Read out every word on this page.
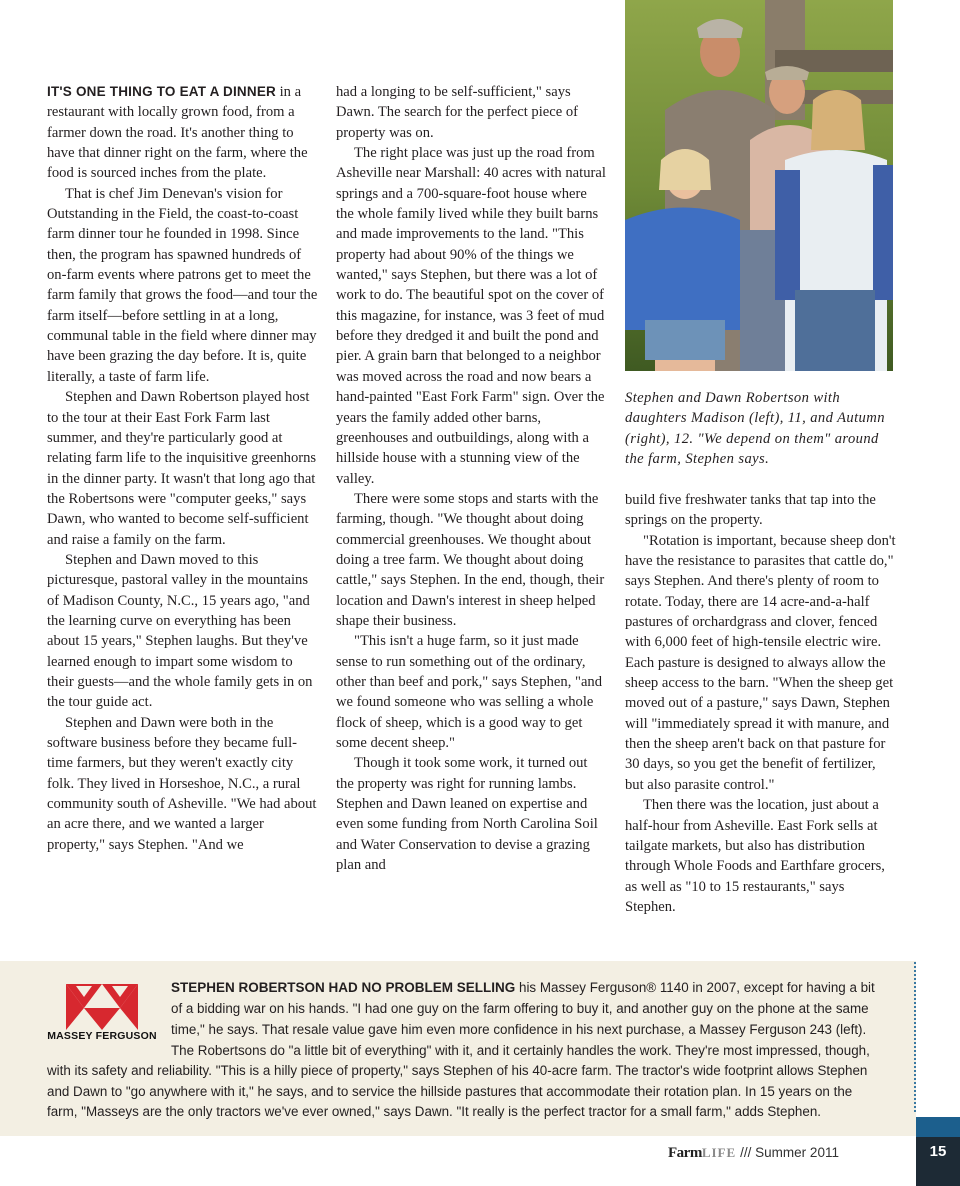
IT'S ONE THING TO EAT A DINNER in a restaurant with locally grown food, from a farmer down the road. It's another thing to have that dinner right on the farm, where the food is sourced inches from the plate.

That is chef Jim Denevan's vision for Outstanding in the Field, the coast-to-coast farm dinner tour he founded in 1998. Since then, the program has spawned hundreds of on-farm events where patrons get to meet the farm family that grows the food—and tour the farm itself—before settling in at a long, communal table in the field where dinner may have been grazing the day before. It is, quite literally, a taste of farm life.

Stephen and Dawn Robertson played host to the tour at their East Fork Farm last summer, and they're particularly good at relating farm life to the inquisitive greenhorns in the dinner party. It wasn't that long ago that the Robertsons were "computer geeks," says Dawn, who wanted to become self-sufficient and raise a family on the farm.

Stephen and Dawn moved to this picturesque, pastoral valley in the mountains of Madison County, N.C., 15 years ago, "and the learning curve on everything has been about 15 years," Stephen laughs. But they've learned enough to impart some wisdom to their guests—and the whole family gets in on the tour guide act.

Stephen and Dawn were both in the software business before they became full-time farmers, but they weren't exactly city folk. They lived in Horseshoe, N.C., a rural community south of Asheville. "We had about an acre there, and we wanted a larger property," says Stephen. "And we

had a longing to be self-sufficient," says Dawn. The search for the perfect piece of property was on.

The right place was just up the road from Asheville near Marshall: 40 acres with natural springs and a 700-square-foot house where the whole family lived while they built barns and made improvements to the land. "This property had about 90% of the things we wanted," says Stephen, but there was a lot of work to do. The beautiful spot on the cover of this magazine, for instance, was 3 feet of mud before they dredged it and built the pond and pier. A grain barn that belonged to a neighbor was moved across the road and now bears a hand-painted "East Fork Farm" sign. Over the years the family added other barns, greenhouses and outbuildings, along with a hillside house with a stunning view of the valley.

There were some stops and starts with the farming, though. "We thought about doing commercial greenhouses. We thought about doing a tree farm. We thought about doing cattle," says Stephen. In the end, though, their location and Dawn's interest in sheep helped shape their business.

"This isn't a huge farm, so it just made sense to run something out of the ordinary, other than beef and pork," says Stephen, "and we found someone who was selling a whole flock of sheep, which is a good way to get some decent sheep."

Though it took some work, it turned out the property was right for running lambs. Stephen and Dawn leaned on expertise and even some funding from North Carolina Soil and Water Conservation to devise a grazing plan and

Stephen and Dawn Robertson with daughters Madison (left), 11, and Autumn (right), 12. "We depend on them" around the farm, Stephen says.

build five freshwater tanks that tap into the springs on the property.

"Rotation is important, because sheep don't have the resistance to parasites that cattle do," says Stephen. And there's plenty of room to rotate. Today, there are 14 acre-and-a-half pastures of orchardgrass and clover, fenced with 6,000 feet of high-tensile electric wire. Each pasture is designed to always allow the sheep access to the barn. "When the sheep get moved out of a pasture," says Dawn, Stephen will "immediately spread it with manure, and then the sheep aren't back on that pasture for 30 days, so you get the benefit of fertilizer, but also parasite control."

Then there was the location, just about a half-hour from Asheville. East Fork sells at tailgate markets, but also has distribution through Whole Foods and Earthfare grocers, as well as "10 to 15 restaurants," says Stephen.

MASSEY FERGUSON
STEPHEN ROBERTSON HAD NO PROBLEM SELLING his Massey Ferguson® 1140 in 2007, except for having a bit
of a bidding war on his hands. "I had one guy on the farm offering to buy it, and another guy on the phone at the same
time," he says. That resale value gave him even more confidence in his next purchase, a Massey Ferguson 243 (left).
The Robertsons do "a little bit of everything" with it, and it certainly handles the work. They're most impressed, though,
with its safety and reliability. "This is a hilly piece of property," says Stephen of his 40-acre farm. The tractor's wide footprint allows Stephen
and Dawn to "go anywhere with it," he says, and to service the hillside pastures that accommodate their rotation plan. In 15 years on the
farm, "Masseys are the only tractors we've ever owned," says Dawn. "It really is the perfect tractor for a small farm," adds Stephen.
FarmLIFE /// Summer 2011	15
